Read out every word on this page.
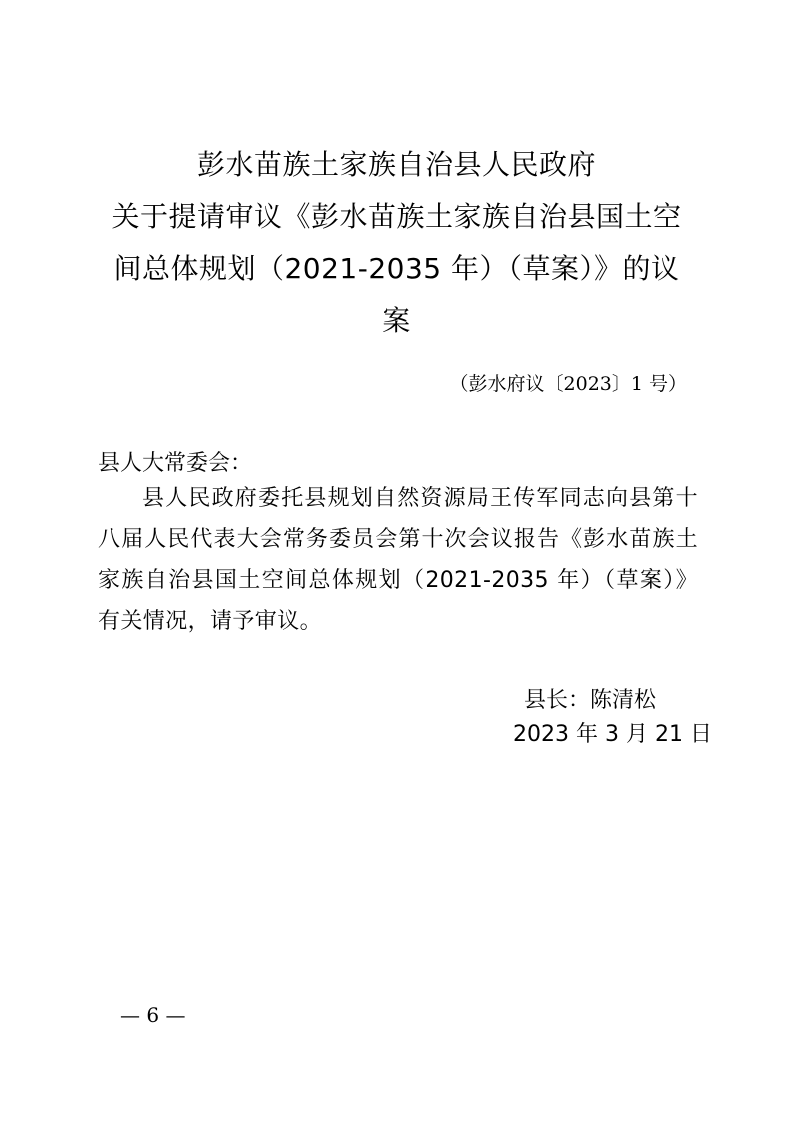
彭水苗族土家族自治县人民政府
关于提请审议《彭水苗族土家族自治县国土空
间总体规划（2021-2035 年）（草案）》的议
案
（彭水府议〔2023〕1 号）
县人大常委会：
县人民政府委托县规划自然资源局王传军同志向县第十八届人民代表大会常务委员会第十次会议报告《彭水苗族土家族自治县国土空间总体规划（2021-2035 年）（草案）》有关情况，请予审议。
县长：陈清松
2023 年 3 月 21 日
— 6 —
